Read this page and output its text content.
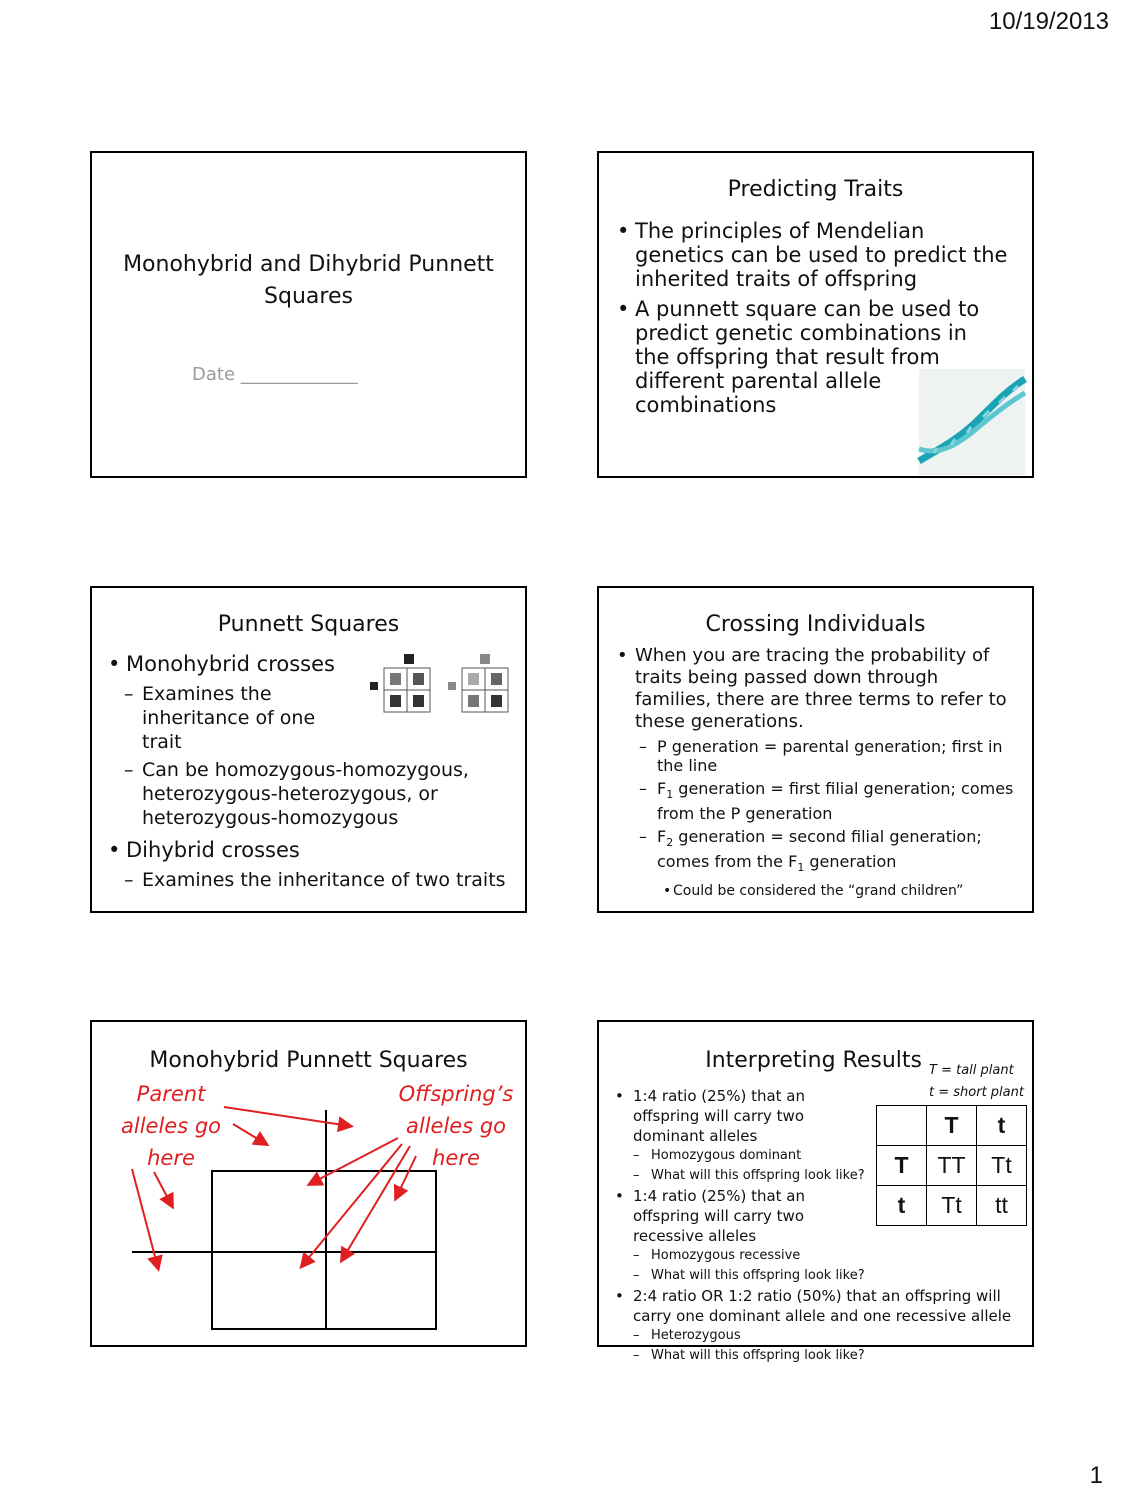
10/19/2013
Monohybrid and Dihybrid Punnett Squares
Date _____________
Predicting Traits
• The principles of Mendelian genetics can be used to predict the inherited traits of offspring
• A punnett square can be used to predict genetic combinations in the offspring that result from different parental allele combinations
Punnett Squares
• Monohybrid crosses
– Examines the inheritance of one trait
– Can be homozygous-homozygous, heterozygous-heterozygous, or heterozygous-homozygous
• Dihybrid crosses
– Examines the inheritance of two traits
Crossing Individuals
• When you are tracing the probability of traits being passed down through families, there are three terms to refer to these generations.
– P generation = parental generation; first in the line
– $F_1$ generation = first filial generation; comes from the P generation
– $F_2$ generation = second filial generation; comes from the $F_1$ generation
• Could be considered the “grand children”
Monohybrid Punnett Squares
Parent
alleles go
here
Offspring’s
alleles go
here
Interpreting Results T = tall plant
t = short plant
• 1:4 ratio (25%) that an offspring will carry two dominant alleles
– Homozygous dominant
– What will this offspring look like?
• 1:4 ratio (25%) that an offspring will carry two recessive alleles
– Homozygous recessive
– What will this offspring look like?
• 2:4 ratio OR 1:2 ratio (50%) that an offspring will carry one dominant allele and one recessive allele
– Heterozygous
– What will this offspring look like?
	T	t
T	TT	Tt
t	Tt	tt
1
